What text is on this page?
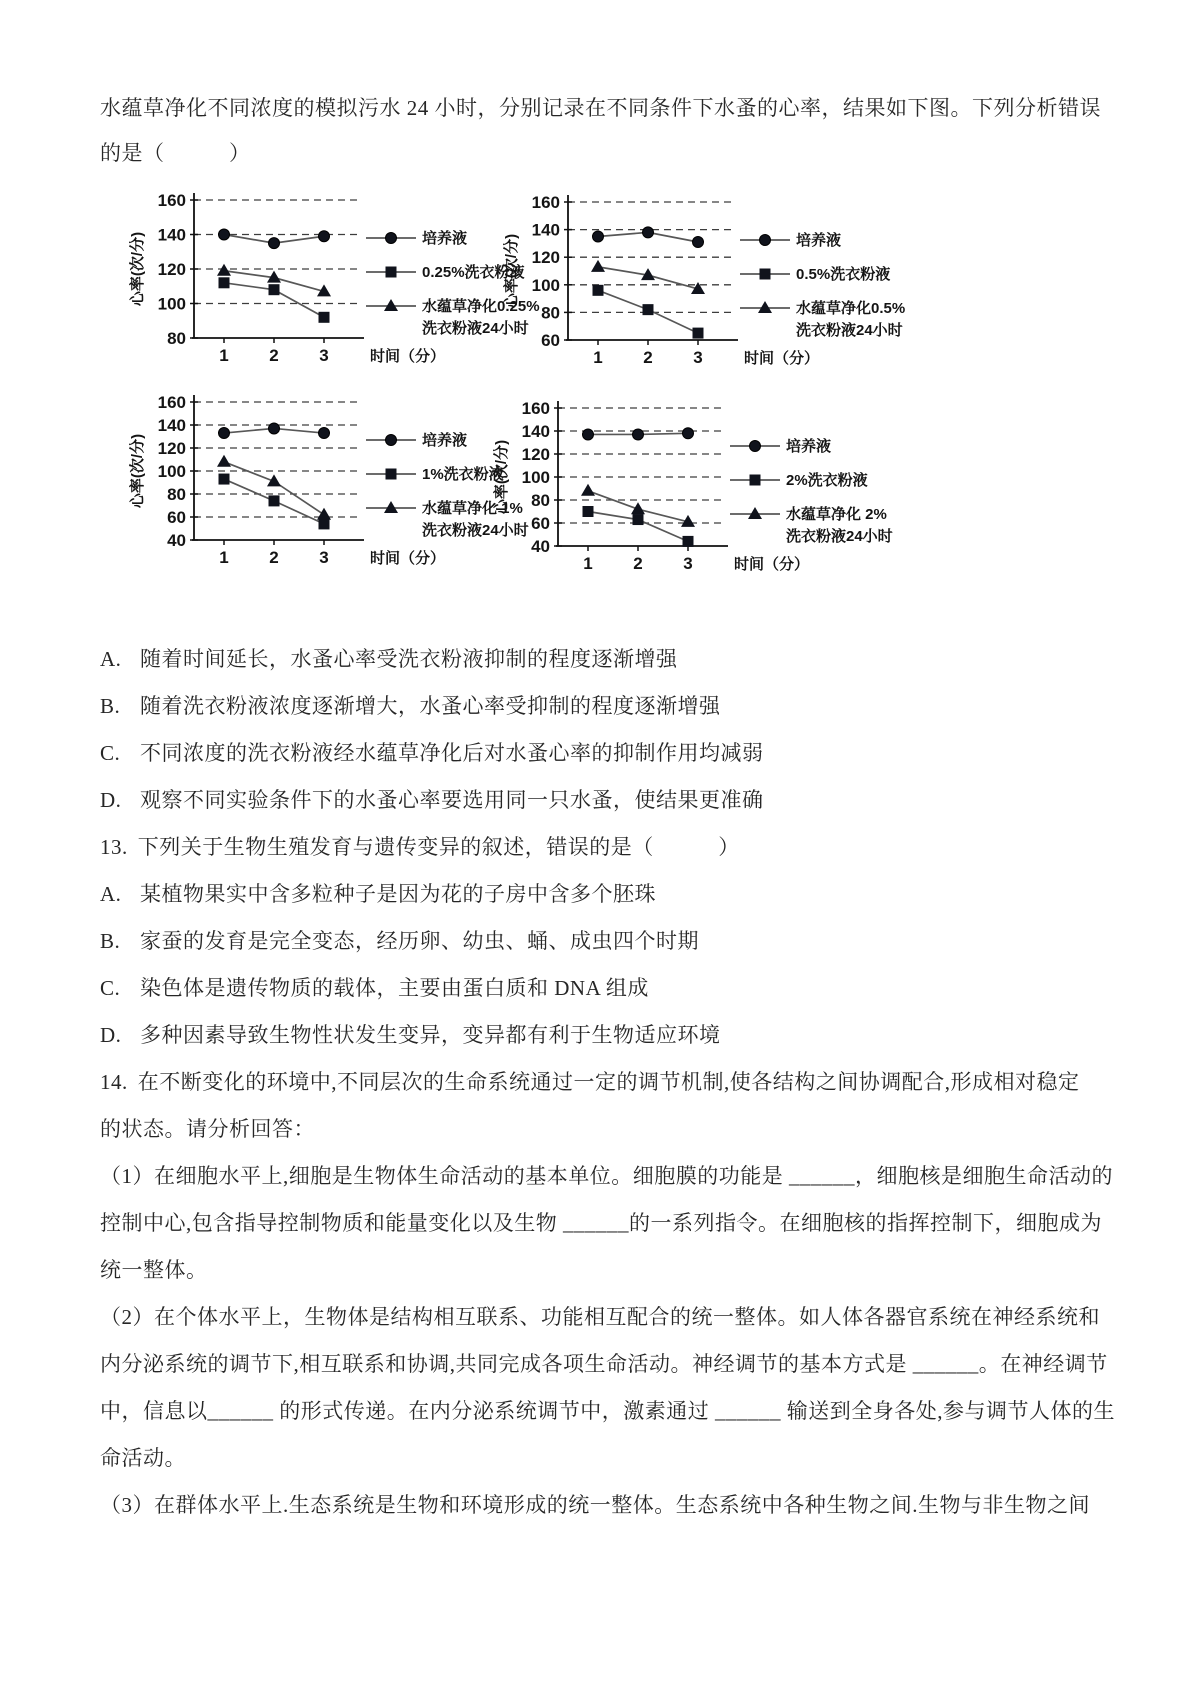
水蕴草净化不同浓度的模拟污水 24 小时，分别记录在不同条件下水蚤的心率，结果如下图。下列分析错误
的是（　　　）
80
100
120
140
160
1 2 3	时间（分）
心率(次/分)	培养液
0.25%洗衣粉液
水蕴草净化0.25%
洗衣粉液24小时
60
80
100
120
140
160
1 2 3	时间（分）
心率(次/分)	培养液
0.5%洗衣粉液
水蕴草净化0.5%
洗衣粉液24小时
40
60
80
100
120
140
160
1 2 3	时间（分）
心率(次/分)	培养液
1%洗衣粉液
水蕴草净化 1%
洗衣粉液24小时
40
60
80
100
120
140
160
1 2 3	时间（分）
心率(次/分)	培养液
2%洗衣粉液
水蕴草净化 2%
洗衣粉液24小时
A. 随着时间延长，水蚤心率受洗衣粉液抑制的程度逐渐增强
B. 随着洗衣粉液浓度逐渐增大，水蚤心率受抑制的程度逐渐增强
C. 不同浓度的洗衣粉液经水蕴草净化后对水蚤心率的抑制作用均减弱
D. 观察不同实验条件下的水蚤心率要选用同一只水蚤，使结果更准确
13. 下列关于生物生殖发育与遗传变异的叙述，错误的是（　　　）
A. 某植物果实中含多粒种子是因为花的子房中含多个胚珠
B. 家蚕的发育是完全变态，经历卵、幼虫、蛹、成虫四个时期
C. 染色体是遗传物质的载体，主要由蛋白质和 DNA 组成
D. 多种因素导致生物性状发生变异，变异都有利于生物适应环境
14. 在不断变化的环境中,不同层次的生命系统通过一定的调节机制,使各结构之间协调配合,形成相对稳定
的状态。请分析回答：
（1）在细胞水平上,细胞是生物体生命活动的基本单位。细胞膜的功能是 ______，细胞核是细胞生命活动的
控制中心,包含指导控制物质和能量变化以及生物 ______的一系列指令。在细胞核的指挥控制下，细胞成为
统一整体。
（2）在个体水平上，生物体是结构相互联系、功能相互配合的统一整体。如人体各器官系统在神经系统和
内分泌系统的调节下,相互联系和协调,共同完成各项生命活动。神经调节的基本方式是 ______。在神经调节
中，信息以______ 的形式传递。在内分泌系统调节中，激素通过 ______ 输送到全身各处,参与调节人体的生
命活动。
（3）在群体水平上.生态系统是生物和环境形成的统一整体。生态系统中各种生物之间.生物与非生物之间
